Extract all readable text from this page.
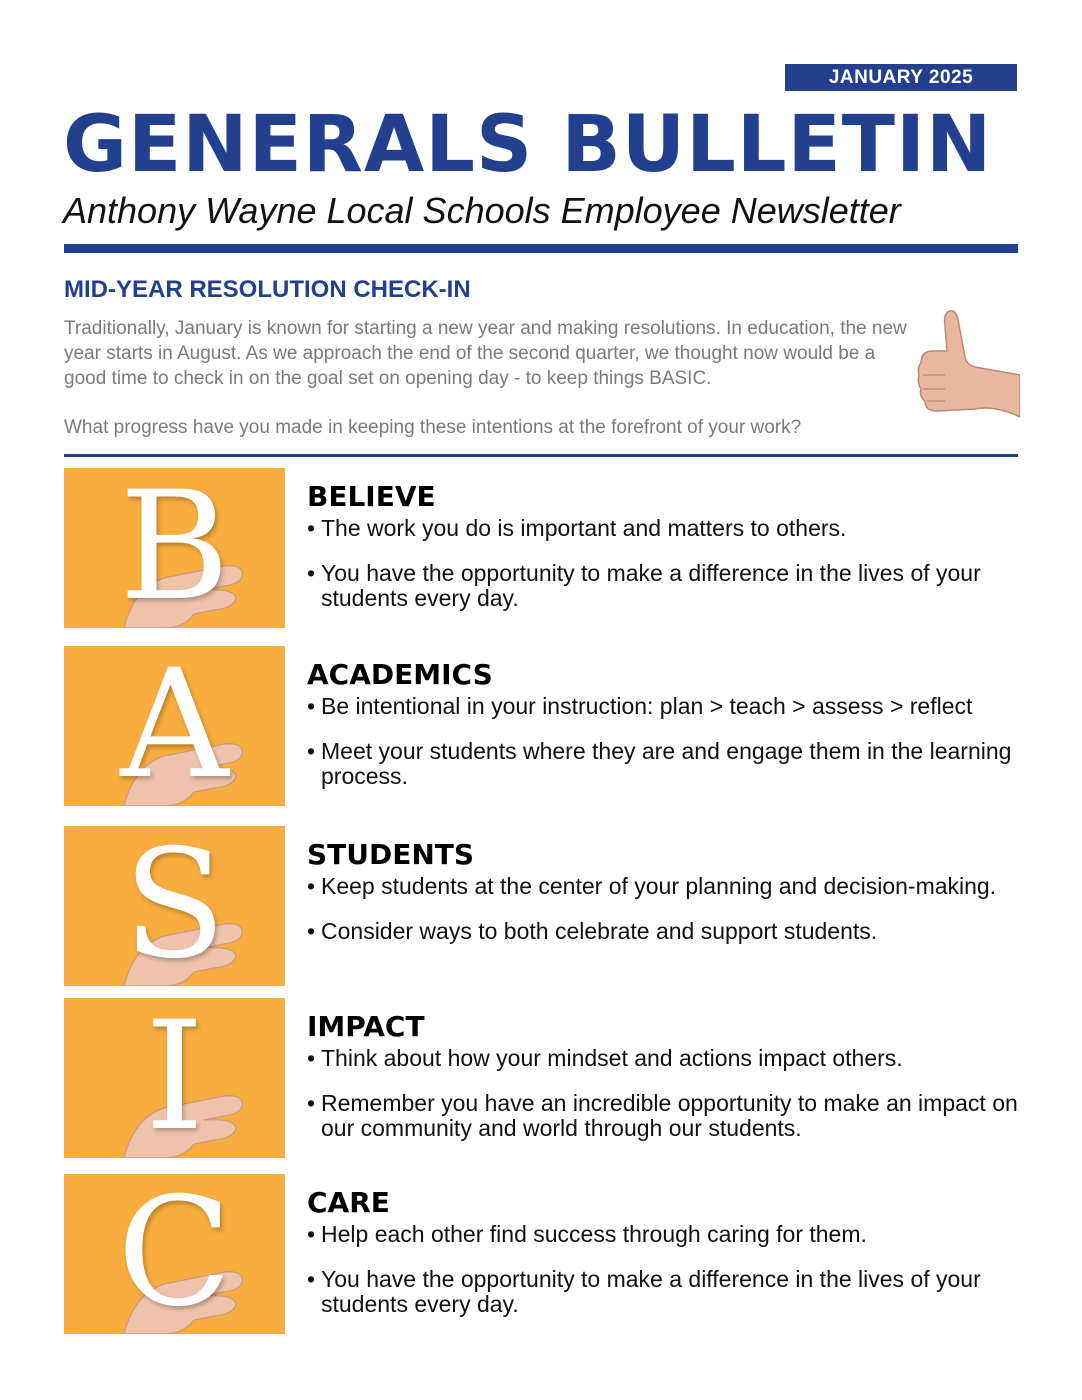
JANUARY 2025
GENERALS BULLETIN
Anthony Wayne Local Schools Employee Newsletter
MID-YEAR RESOLUTION CHECK-IN

Traditionally, January is known for starting a new year and making resolutions. In education, the new year starts in August. As we approach the end of the second quarter, we thought now would be a good time to check in on the goal set on opening day - to keep things BASIC.

What progress have you made in keeping these intentions at the forefront of your work?

B	BELIEVE
• The work you do is important and matters to others.
• You have the opportunity to make a difference in the lives of your students every day.
A	ACADEMICS
• Be intentional in your instruction: plan > teach > assess > reflect
• Meet your students where they are and engage them in the learning process.
S	STUDENTS
• Keep students at the center of your planning and decision-making.
• Consider ways to both celebrate and support students.
I	IMPACT
• Think about how your mindset and actions impact others.
• Remember you have an incredible opportunity to make an impact on our community and world through our students.
C	CARE
• Help each other find success through caring for them.
• You have the opportunity to make a difference in the lives of your students every day.
